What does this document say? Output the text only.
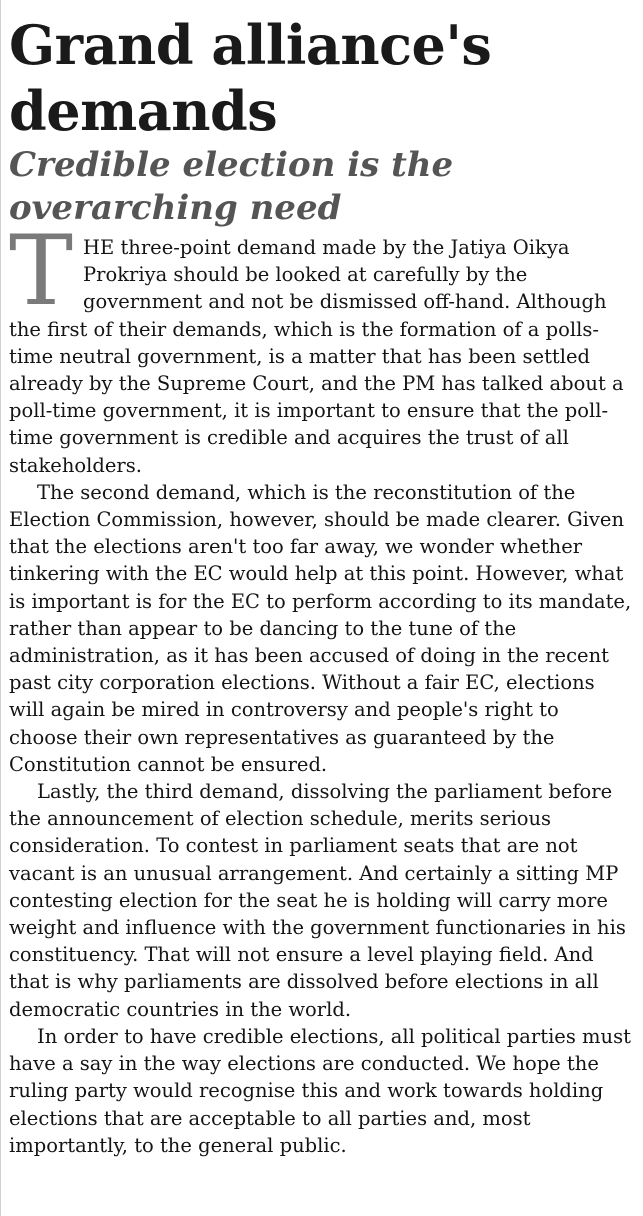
Grand alliance's demands
Credible election is the overarching need

THE three-point demand made by the Jatiya Oikya Prokriya should be looked at carefully by the government and not be dismissed off-hand. Although the first of their demands, which is the formation of a polls-time neutral government, is a matter that has been settled already by the Supreme Court, and the PM has talked about a poll-time government, it is important to ensure that the poll-time government is credible and acquires the trust of all stakeholders.

The second demand, which is the reconstitution of the Election Commission, however, should be made clearer. Given that the elections aren't too far away, we wonder whether tinkering with the EC would help at this point. However, what is important is for the EC to perform according to its mandate, rather than appear to be dancing to the tune of the administration, as it has been accused of doing in the recent past city corporation elections. Without a fair EC, elections will again be mired in controversy and people's right to choose their own representatives as guaranteed by the Constitution cannot be ensured.

Lastly, the third demand, dissolving the parliament before the announcement of election schedule, merits serious consideration. To contest in parliament seats that are not vacant is an unusual arrangement. And certainly a sitting MP contesting election for the seat he is holding will carry more weight and influence with the government functionaries in his constituency. That will not ensure a level playing field. And that is why parliaments are dissolved before elections in all democratic countries in the world.

In order to have credible elections, all political parties must have a say in the way elections are conducted. We hope the ruling party would recognise this and work towards holding elections that are acceptable to all parties and, most importantly, to the general public.
